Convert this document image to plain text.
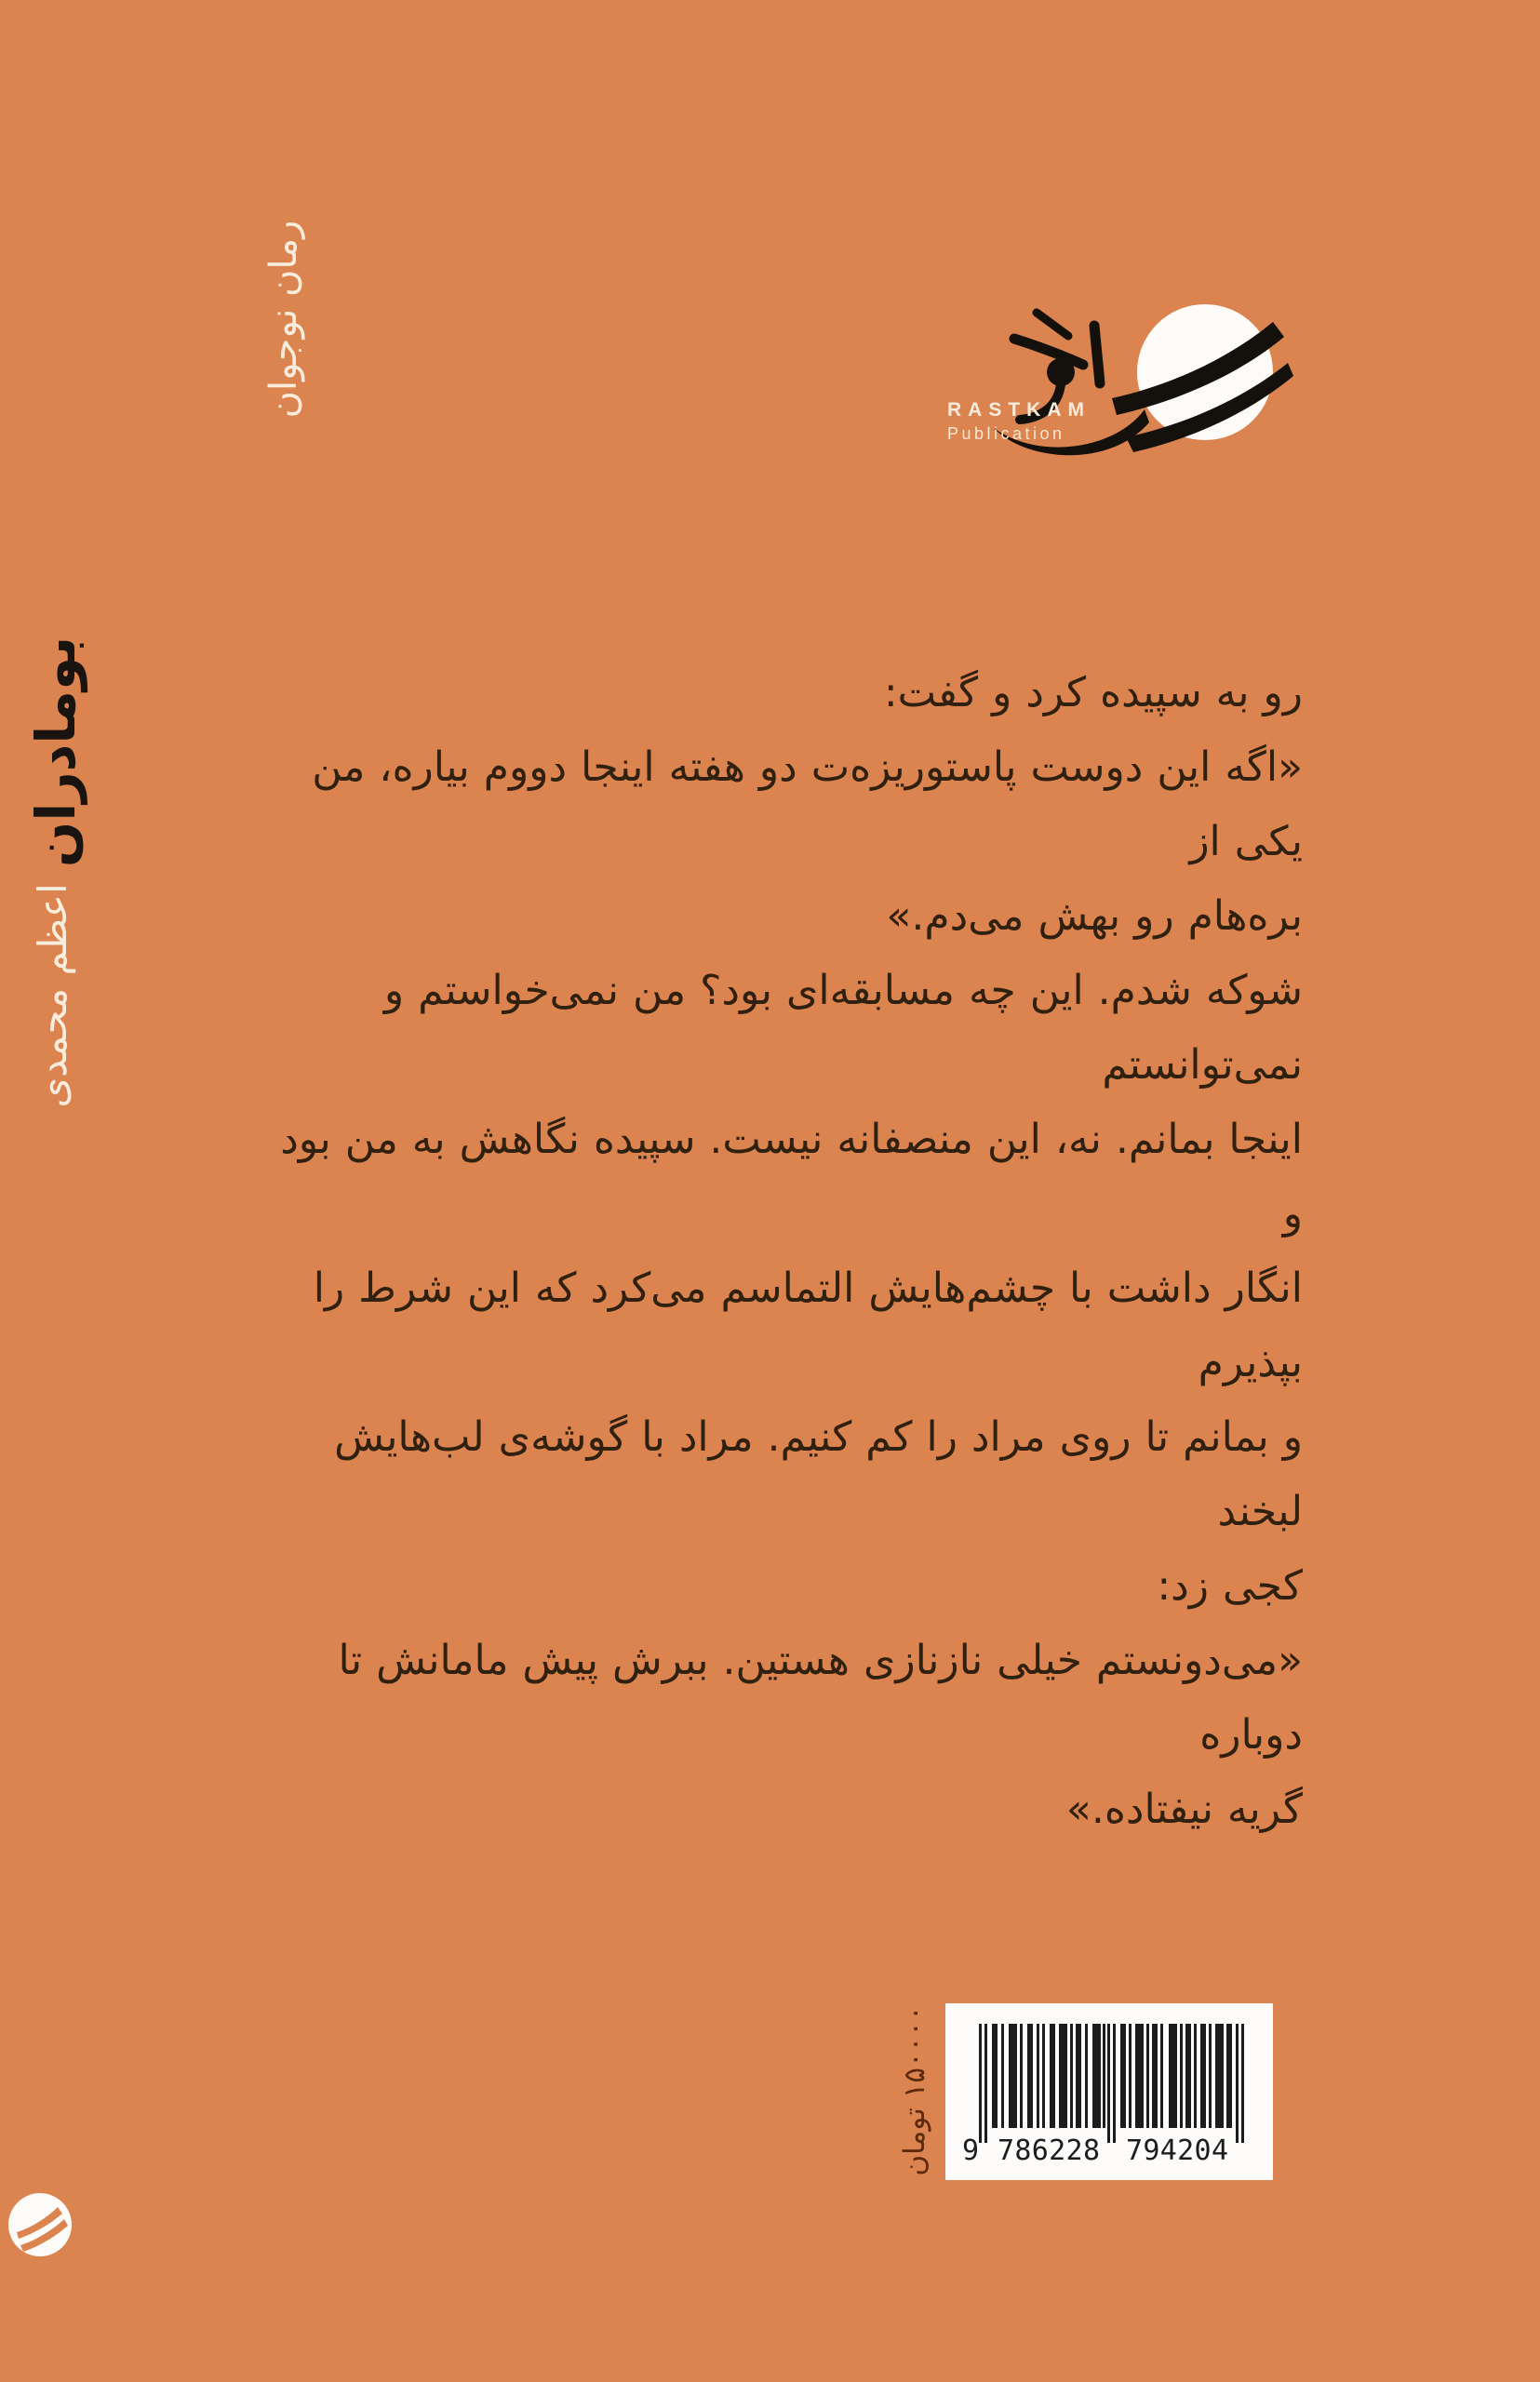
رمان نوجوان
بومادران
اعظم محمدی
RASTKAM
Publication
رو به سپیده کرد و گفت:
«اگه این دوست پاستوریزه‌ت دو هفته اینجا دووم بیاره، من یکی از
بره‌هام رو بهش می‌دم.»
شوکه شدم. این چه مسابقه‌ای بود؟ من نمی‌خواستم و نمی‌توانستم
اینجا بمانم. نه، این منصفانه نیست. سپیده نگاهش به من بود و
انگار داشت با چشم‌هایش التماسم می‌کرد که این شرط را بپذیرم
و بمانم تا روی مراد را کم کنیم. مراد با گوشه‌ی لب‌هایش لبخند
کجی زد:
«می‌دونستم خیلی نازنازی هستین. ببرش پیش مامانش تا دوباره
گریه نیفتاده.»
۱۵۰۰۰۰ تومان
9 786228 794204
